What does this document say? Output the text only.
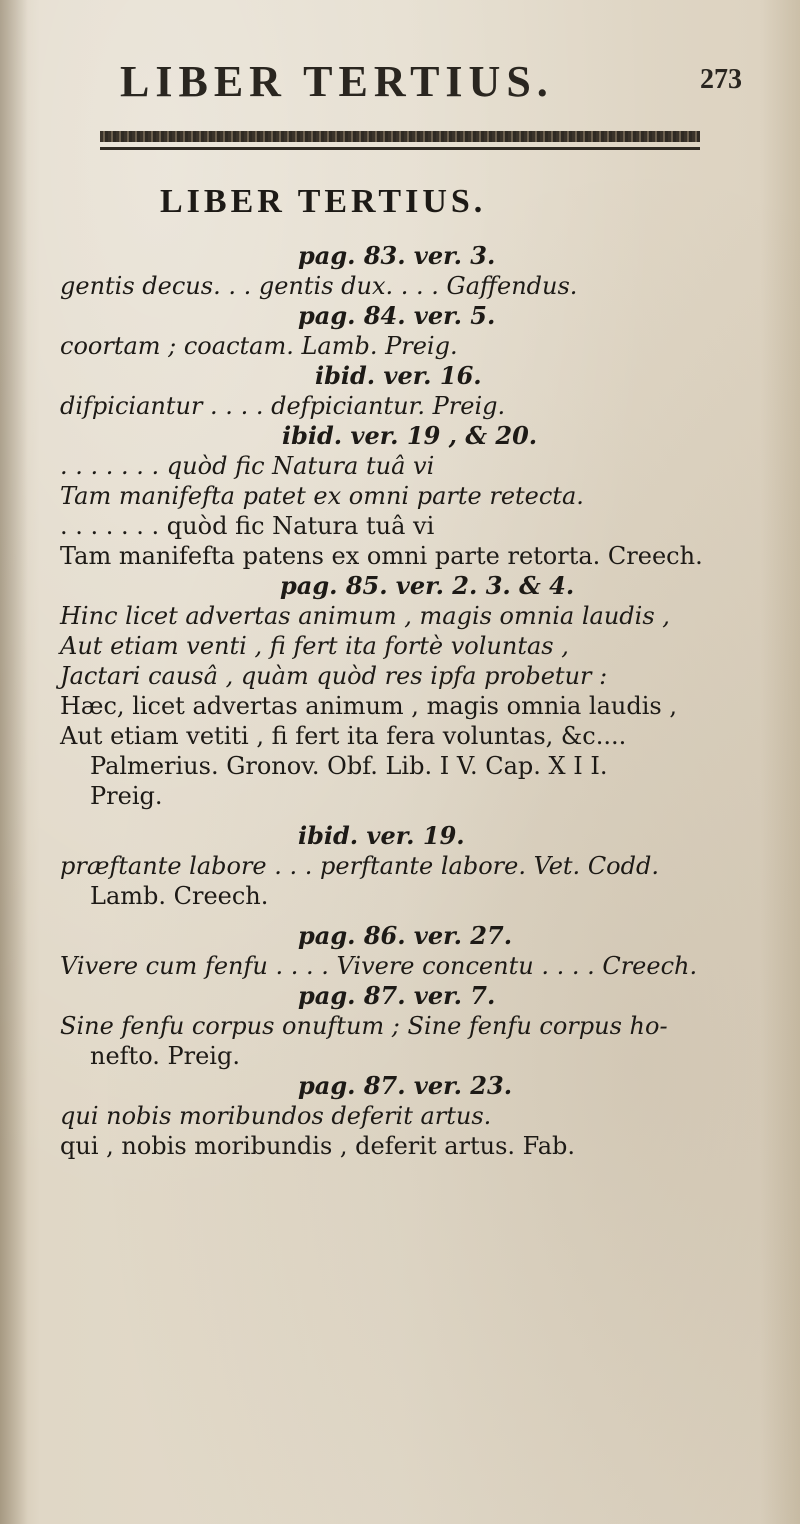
LIBER TERTIUS.	273
LIBER TERTIUS.
pag. 83. ver. 3.
gentis decus. . . gentis dux. . . . Gaffendus.
pag. 84. ver. 5.
coortam ; coactam. Lamb. Preig.
ibid. ver. 16.
difpiciantur . . . . defpiciantur. Preig.
ibid. ver. 19 , & 20.
. . . . . . . quòd fic Natura tuâ vi
Tam manifefta patet ex omni parte retecta.
. . . . . . . quòd fic Natura tuâ vi
Tam manifefta patens ex omni parte retorta. Creech.
pag. 85. ver. 2. 3. & 4.
Hinc licet advertas animum , magis omnia laudis ,
Aut etiam venti , fi fert ita fortè voluntas ,
Jactari causâ , quàm quòd res ipfa probetur :
Hæc, licet advertas animum , magis omnia laudis ,
Aut etiam vetiti , fi fert ita fera voluntas, &c....
Palmerius. Gronov. Obf. Lib. I V. Cap. X I I.
Preig.
ibid. ver. 19.
præftante labore . . . perftante labore. Vet. Codd.
Lamb. Creech.
pag. 86. ver. 27.
Vivere cum fenfu . . . . Vivere concentu . . . . Creech.
pag. 87. ver. 7.
Sine fenfu corpus onuftum ; Sine fenfu corpus ho-
nefto. Preig.
pag. 87. ver. 23.
qui nobis moribundos deferit artus.
qui , nobis moribundis , deferit artus. Fab.
